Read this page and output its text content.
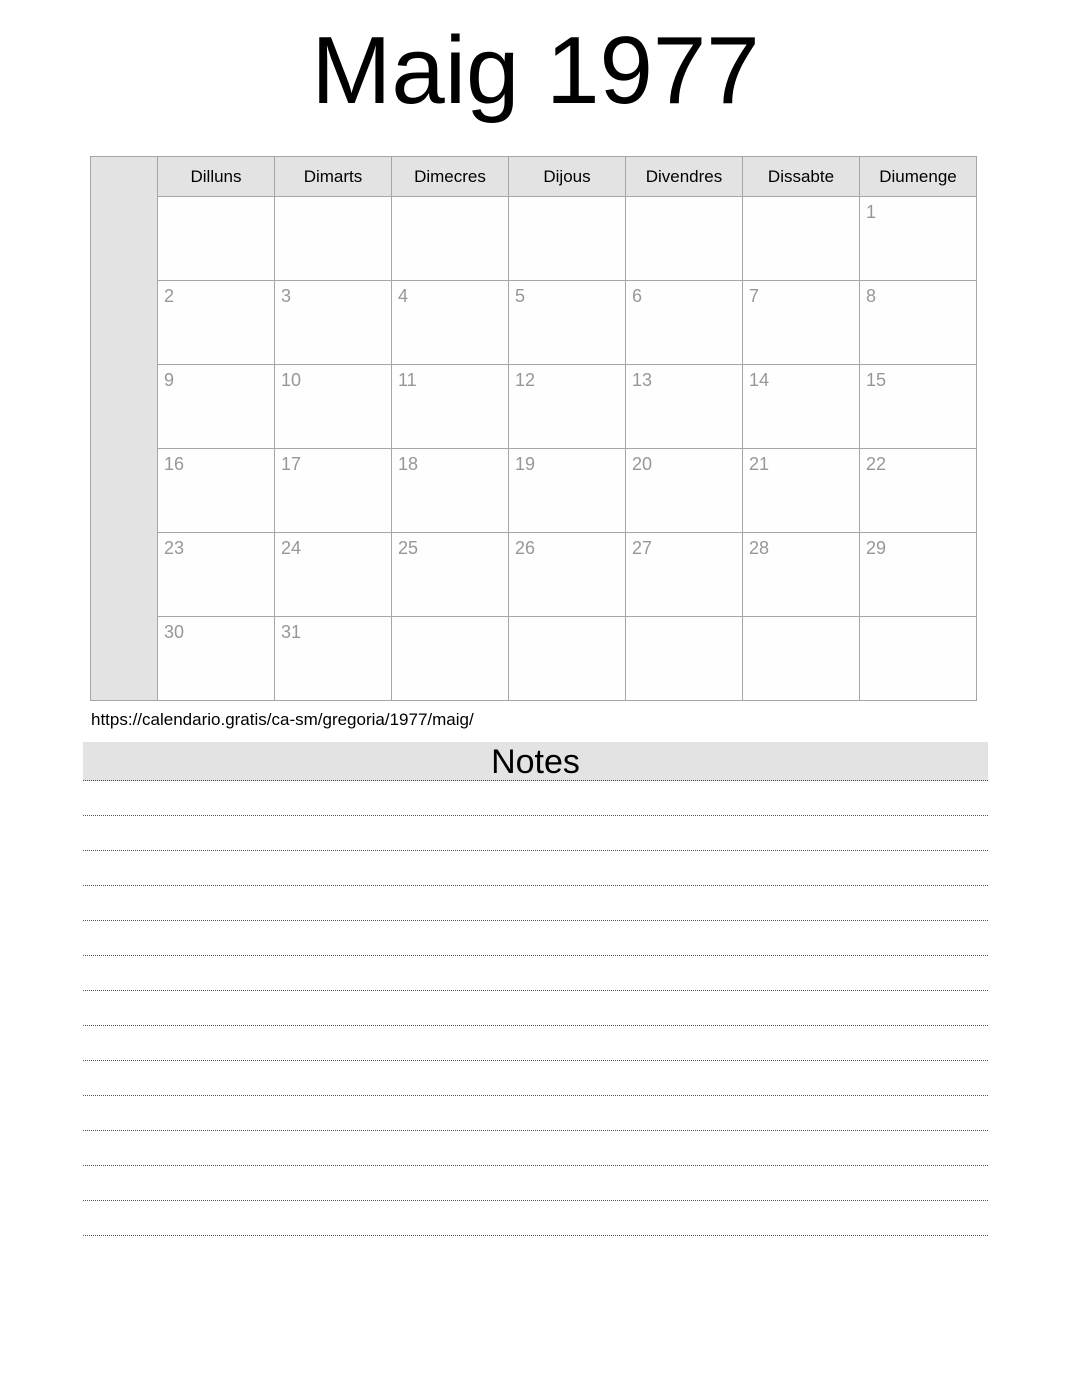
Maig 1977
	Dilluns	Dimarts	Dimecres	Dijous	Divendres	Dissabte	Diumenge
							1
	2	3	4	5	6	7	8
	9	10	11	12	13	14	15
	16	17	18	19	20	21	22
	23	24	25	26	27	28	29
	30	31					
https://calendario.gratis/ca-sm/gregoria/1977/maig/
Notes
